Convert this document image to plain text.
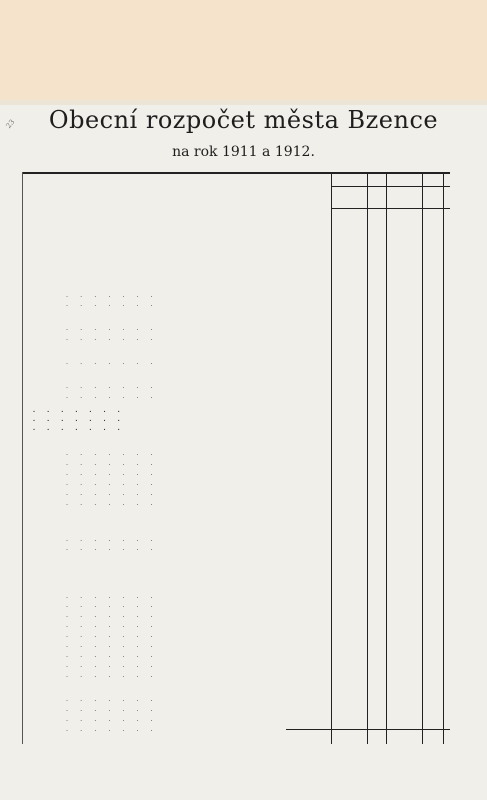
23	Obecní rozpočet města Bzence
na rok 1911 a 1912.
. . . . . . .
. . . . . . .
. . . . . . .
. . . . . . .
. . . . . . .
. . . . . . .
. . . . . . .
. . . . . . .
. . . . . . .
. . . . . . .
. . . . . . .
. . . . . . .
. . . . . . .
. . . . . . .
. . . . . . .
. . . . . . .
. . . . . . .
. . . . . . .
. . . . . . .
. . . . . . .
. . . . . . .
. . . . . . .
. . . . . . .
. . . . . . .
. . . . . . .
. . . . . . .
. . . . . . .
. . . . . . .
. . . . . . .
. . . . . . .
. . . . . . .
